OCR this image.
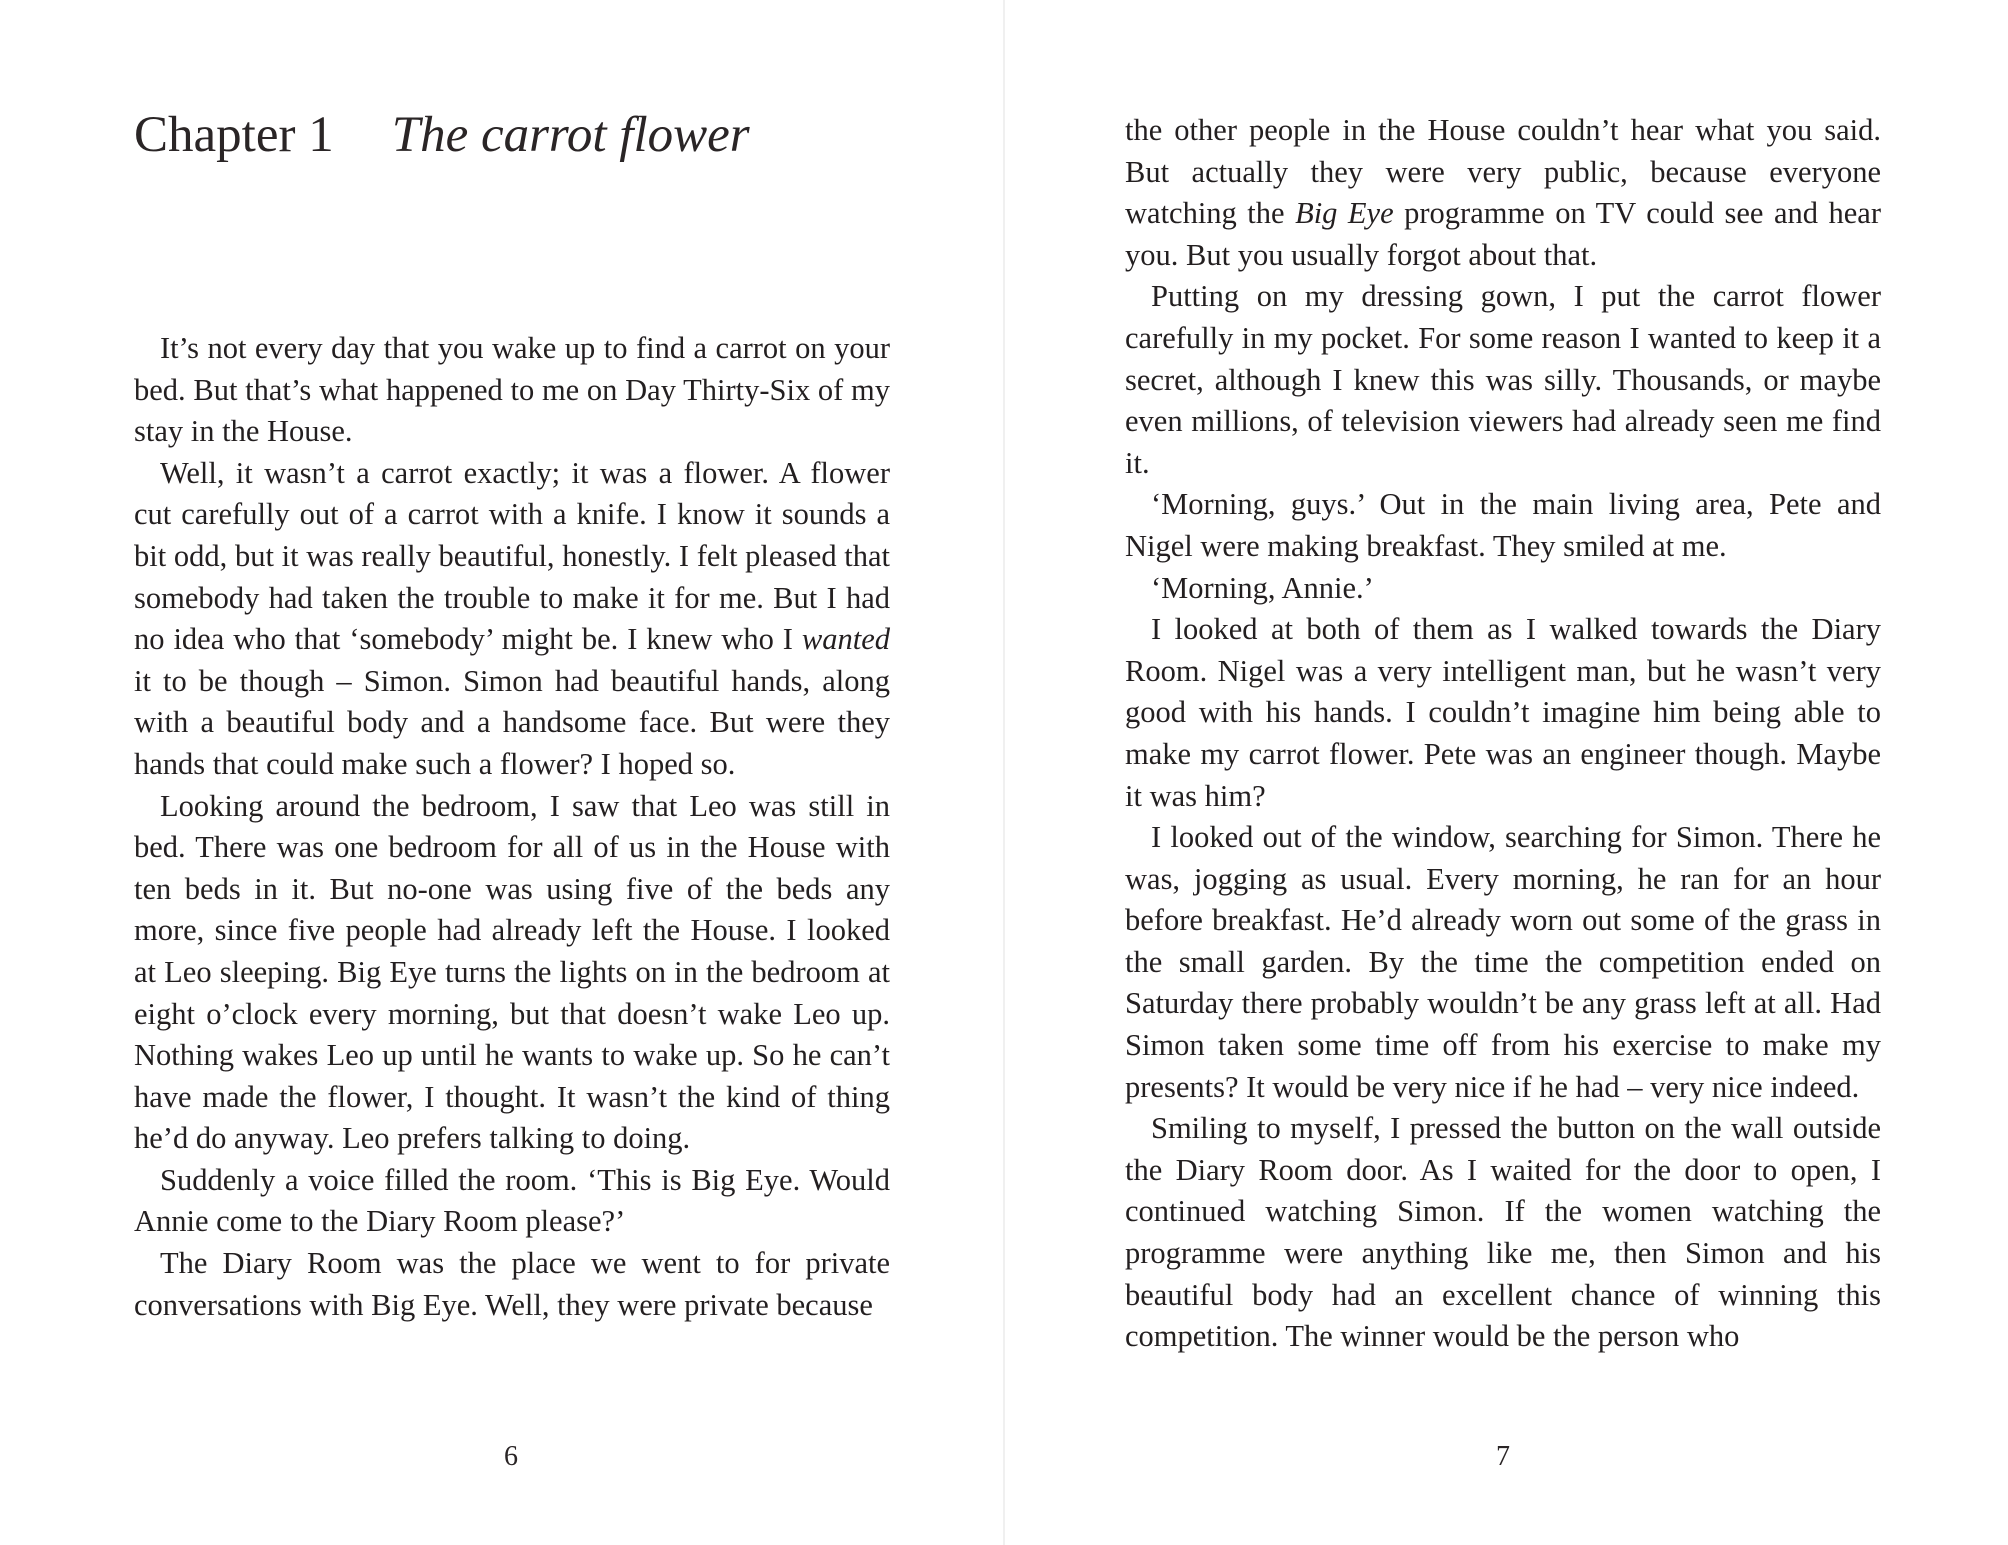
Chapter 1 The carrot flower

It’s not every day that you wake up to find a carrot on your bed. But that’s what happened to me on Day Thirty-Six of my stay in the House.

Well, it wasn’t a carrot exactly; it was a flower. A flower cut carefully out of a carrot with a knife. I know it sounds a bit odd, but it was really beautiful, honestly. I felt pleased that somebody had taken the trouble to make it for me. But I had no idea who that ‘somebody’ might be. I knew who I wanted it to be though – Simon. Simon had beautiful hands, along with a beautiful body and a handsome face. But were they hands that could make such a flower? I hoped so.

Looking around the bedroom, I saw that Leo was still in bed. There was one bedroom for all of us in the House with ten beds in it. But no-one was using five of the beds any more, since five people had already left the House. I looked at Leo sleeping. Big Eye turns the lights on in the bedroom at eight o’clock every morning, but that doesn’t wake Leo up. Nothing wakes Leo up until he wants to wake up. So he can’t have made the flower, I thought. It wasn’t the kind of thing he’d do anyway. Leo prefers talking to doing.

Suddenly a voice filled the room. ‘This is Big Eye. Would Annie come to the Diary Room please?’

The Diary Room was the place we went to for private conversations with Big Eye. Well, they were private because

6

the other people in the House couldn’t hear what you said. But actually they were very public, because everyone watching the Big Eye programme on TV could see and hear you. But you usually forgot about that.

Putting on my dressing gown, I put the carrot flower carefully in my pocket. For some reason I wanted to keep it a secret, although I knew this was silly. Thousands, or maybe even millions, of television viewers had already seen me find it.

‘Morning, guys.’ Out in the main living area, Pete and Nigel were making breakfast. They smiled at me.

‘Morning, Annie.’

I looked at both of them as I walked towards the Diary Room. Nigel was a very intelligent man, but he wasn’t very good with his hands. I couldn’t imagine him being able to make my carrot flower. Pete was an engineer though. Maybe it was him?

I looked out of the window, searching for Simon. There he was, jogging as usual. Every morning, he ran for an hour before breakfast. He’d already worn out some of the grass in the small garden. By the time the competition ended on Saturday there probably wouldn’t be any grass left at all. Had Simon taken some time off from his exercise to make my presents? It would be very nice if he had – very nice indeed.

Smiling to myself, I pressed the button on the wall outside the Diary Room door. As I waited for the door to open, I continued watching Simon. If the women watching the programme were anything like me, then Simon and his beautiful body had an excellent chance of winning this competition. The winner would be the person who

7
